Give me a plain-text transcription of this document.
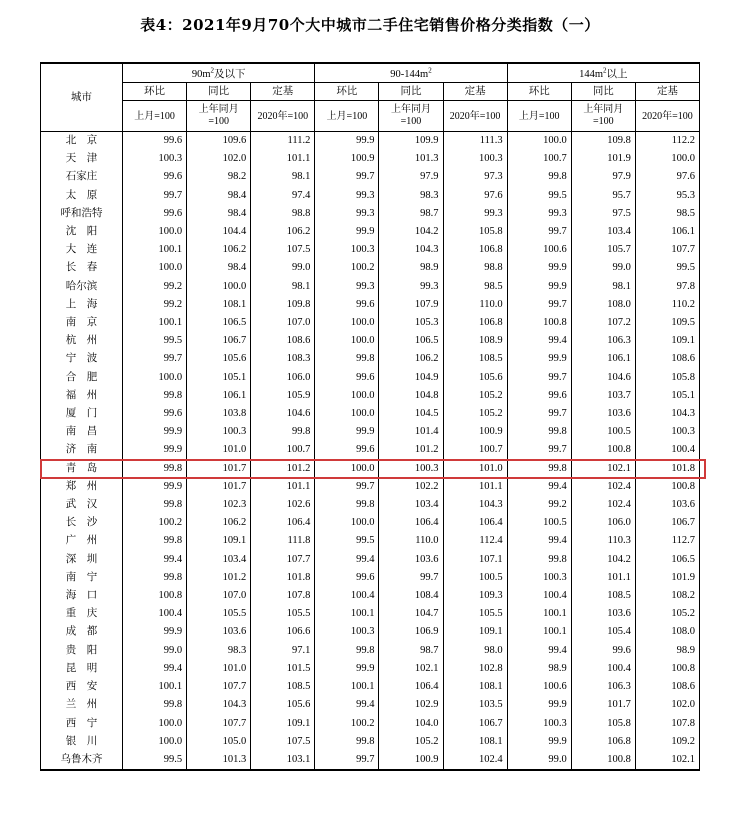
表4：2021年9月70个大中城市二手住宅销售价格分类指数（一）
城市	$90m^2$及以下			$90-144m^2$			$144m^2$以上		
	环比	同比	定基	环比	同比	定基	环比	同比	定基
	上月=100	上年同月=100	2020年=100	上月=100	上年同月=100	2020年=100	上月=100	上年同月=100	2020年=100
北　京	99.6	109.6	111.2	99.9	109.9	111.3	100.0	109.8	112.2
天　津	100.3	102.0	101.1	100.9	101.3	100.3	100.7	101.9	100.0
石家庄	99.6	98.2	98.1	99.7	97.9	97.3	99.8	97.9	97.6
太　原	99.7	98.4	97.4	99.3	98.3	97.6	99.5	95.7	95.3
呼和浩特	99.6	98.4	98.8	99.3	98.7	99.3	99.3	97.5	98.5
沈　阳	100.0	104.4	106.2	99.9	104.2	105.8	99.7	103.4	106.1
大　连	100.1	106.2	107.5	100.3	104.3	106.8	100.6	105.7	107.7
长　春	100.0	98.4	99.0	100.2	98.9	98.8	99.9	99.0	99.5
哈尔滨	99.2	100.0	98.1	99.3	99.3	98.5	99.9	98.1	97.8
上　海	99.2	108.1	109.8	99.6	107.9	110.0	99.7	108.0	110.2
南　京	100.1	106.5	107.0	100.0	105.3	106.8	100.8	107.2	109.5
杭　州	99.5	106.7	108.6	100.0	106.5	108.9	99.4	106.3	109.1
宁　波	99.7	105.6	108.3	99.8	106.2	108.5	99.9	106.1	108.6
合　肥	100.0	105.1	106.0	99.6	104.9	105.6	99.7	104.6	105.8
福　州	99.8	106.1	105.9	100.0	104.8	105.2	99.6	103.7	105.1
厦　门	99.6	103.8	104.6	100.0	104.5	105.2	99.7	103.6	104.3
南　昌	99.9	100.3	99.8	99.9	101.4	100.9	99.8	100.5	100.3
济　南	99.9	101.0	100.7	99.6	101.2	100.7	99.7	100.8	100.4
青　岛	99.8	101.7	101.2	100.0	100.3	101.0	99.8	102.1	101.8
郑　州	99.9	101.7	101.1	99.7	102.2	101.1	99.4	102.4	100.8
武　汉	99.8	102.3	102.6	99.8	103.4	104.3	99.2	102.4	103.6
长　沙	100.2	106.2	106.4	100.0	106.4	106.4	100.5	106.0	106.7
广　州	99.8	109.1	111.8	99.5	110.0	112.4	99.4	110.3	112.7
深　圳	99.4	103.4	107.7	99.4	103.6	107.1	99.8	104.2	106.5
南　宁	99.8	101.2	101.8	99.6	99.7	100.5	100.3	101.1	101.9
海　口	100.8	107.0	107.8	100.4	108.4	109.3	100.4	108.5	108.2
重　庆	100.4	105.5	105.5	100.1	104.7	105.5	100.1	103.6	105.2
成　都	99.9	103.6	106.6	100.3	106.9	109.1	100.1	105.4	108.0
贵　阳	99.0	98.3	97.1	99.8	98.7	98.0	99.4	99.6	98.9
昆　明	99.4	101.0	101.5	99.9	102.1	102.8	98.9	100.4	100.8
西　安	100.1	107.7	108.5	100.1	106.4	108.1	100.6	106.3	108.6
兰　州	99.8	104.3	105.6	99.4	102.9	103.5	99.9	101.7	102.0
西　宁	100.0	107.7	109.1	100.2	104.0	106.7	100.3	105.8	107.8
银　川	100.0	105.0	107.5	99.8	105.2	108.1	99.9	106.8	109.2
乌鲁木齐	99.5	101.3	103.1	99.7	100.9	102.4	99.0	100.8	102.1
